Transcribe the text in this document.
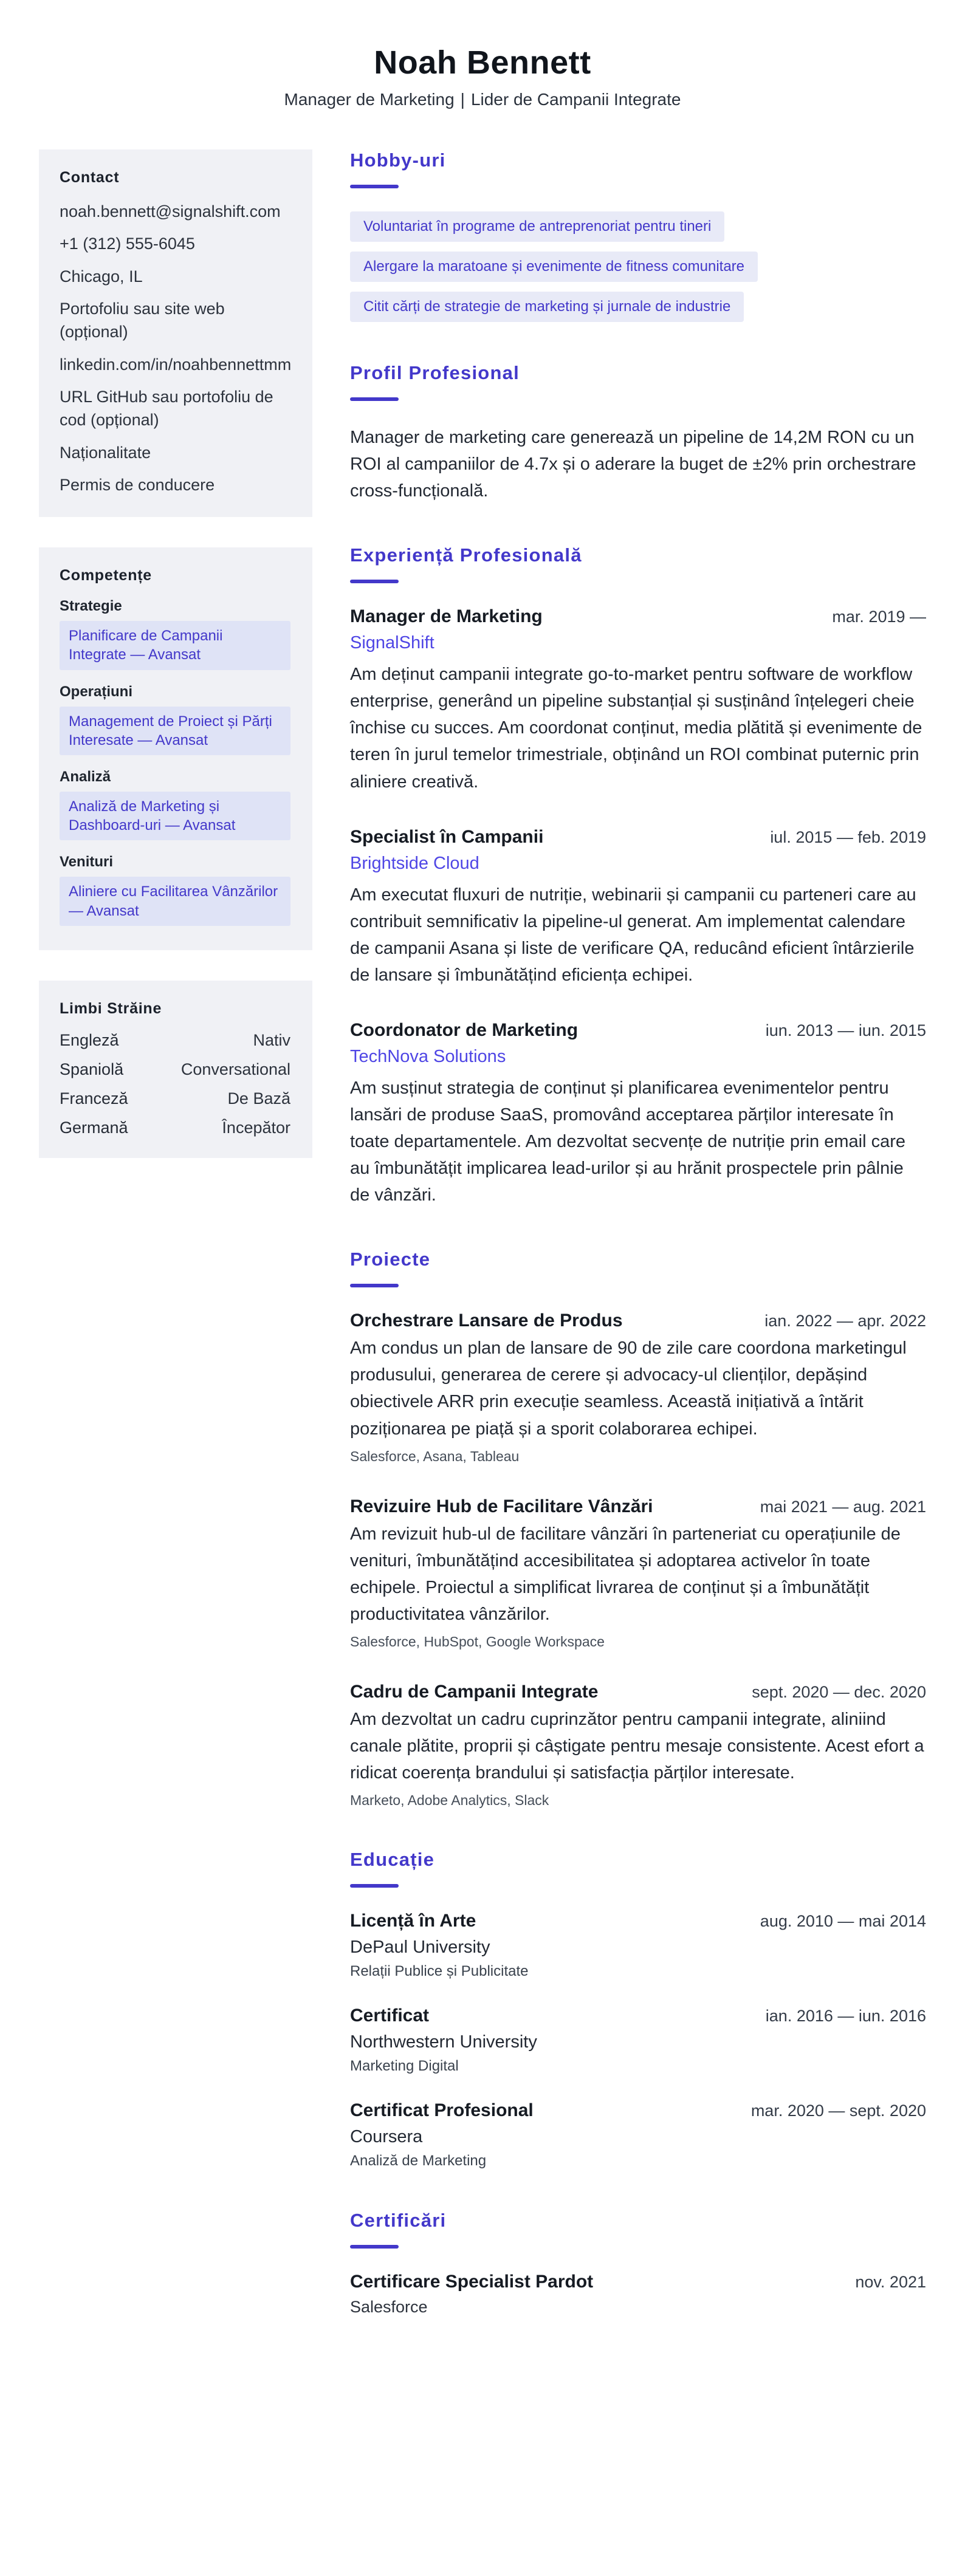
Noah Bennett
Manager de Marketing | Lider de Campanii Integrate
Contact
noah.bennett@signalshift.com
+1 (312) 555-6045
Chicago, IL
Portofoliu sau site web (opțional)
linkedin.com/in/noahbennettmm
URL GitHub sau portofoliu de cod (opțional)
Naționalitate
Permis de conducere
Competențe
Strategie
Planificare de Campanii Integrate — Avansat
Operațiuni
Management de Proiect și Părți Interesate — Avansat
Analiză
Analiză de Marketing și Dashboard-uri — Avansat
Venituri
Aliniere cu Facilitarea Vânzărilor — Avansat
Limbi Străine
Engleză	Nativ
Spaniolă	Conversational
Franceză	De Bază
Germană	Începător
Hobby-uri
Voluntariat în programe de antreprenoriat pentru tineri
Alergare la maratoane și evenimente de fitness comunitare
Citit cărți de strategie de marketing și jurnale de industrie
Profil Profesional

Manager de marketing care generează un pipeline de 14,2M RON cu un ROI al campaniilor de 4.7x și o aderare la buget de ±2% prin orchestrare cross-funcțională.

Experiență Profesională
Manager de Marketing	mar. 2019 —
SignalShift

Am deținut campanii integrate go-to-market pentru software de workflow enterprise, generând un pipeline substanțial și susținând înțelegeri cheie închise cu succes. Am coordonat conținut, media plătită și evenimente de teren în jurul temelor trimestriale, obținând un ROI combinat puternic prin aliniere creativă.

Specialist în Campanii	iul. 2015 — feb. 2019
Brightside Cloud

Am executat fluxuri de nutriție, webinarii și campanii cu parteneri care au contribuit semnificativ la pipeline-ul generat. Am implementat calendare de campanii Asana și liste de verificare QA, reducând eficient întârzierile de lansare și îmbunătățind eficiența echipei.

Coordonator de Marketing	iun. 2013 — iun. 2015
TechNova Solutions

Am susținut strategia de conținut și planificarea evenimentelor pentru lansări de produse SaaS, promovând acceptarea părților interesate în toate departamentele. Am dezvoltat secvențe de nutriție prin email care au îmbunătățit implicarea lead-urilor și au hrănit prospectele prin pâlnie de vânzări.

Proiecte
Orchestrare Lansare de Produs	ian. 2022 — apr. 2022

Am condus un plan de lansare de 90 de zile care coordona marketingul produsului, generarea de cerere și advocacy-ul clienților, depășind obiectivele ARR prin execuție seamless. Această inițiativă a întărit poziționarea pe piață și a sporit colaborarea echipei.

Salesforce, Asana, Tableau
Revizuire Hub de Facilitare Vânzări	mai 2021 — aug. 2021

Am revizuit hub-ul de facilitare vânzări în parteneriat cu operațiunile de venituri, îmbunătățind accesibilitatea și adoptarea activelor în toate echipele. Proiectul a simplificat livrarea de conținut și a îmbunătățit productivitatea vânzărilor.

Salesforce, HubSpot, Google Workspace
Cadru de Campanii Integrate	sept. 2020 — dec. 2020

Am dezvoltat un cadru cuprinzător pentru campanii integrate, aliniind canale plătite, proprii și câștigate pentru mesaje consistente. Acest efort a ridicat coerența brandului și satisfacția părților interesate.

Marketo, Adobe Analytics, Slack
Educație
Licență în Arte	aug. 2010 — mai 2014
DePaul University
Relații Publice și Publicitate
Certificat	ian. 2016 — iun. 2016
Northwestern University
Marketing Digital
Certificat Profesional	mar. 2020 — sept. 2020
Coursera
Analiză de Marketing
Certificări
Certificare Specialist Pardot	nov. 2021
Salesforce
